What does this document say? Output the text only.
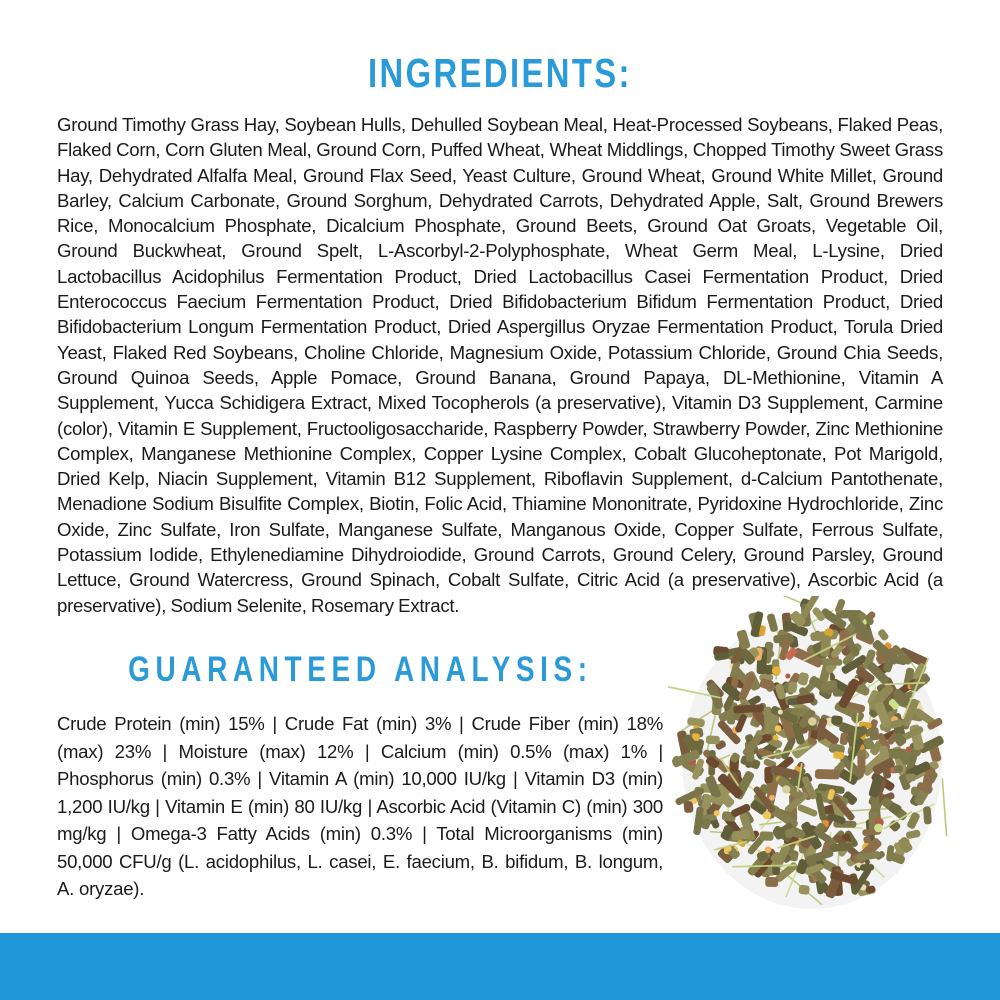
INGREDIENTS:
Ground Timothy Grass Hay, Soybean Hulls, Dehulled Soybean Meal, Heat-Processed Soybeans, Flaked Peas, Flaked Corn, Corn Gluten Meal, Ground Corn, Puffed Wheat, Wheat Middlings, Chopped Timothy Sweet Grass Hay, Dehydrated Alfalfa Meal, Ground Flax Seed, Yeast Culture, Ground Wheat, Ground White Millet, Ground Barley, Calcium Carbonate, Ground Sorghum, Dehydrated Carrots, Dehydrated Apple, Salt, Ground Brewers Rice, Monocalcium Phosphate, Dicalcium Phosphate, Ground Beets, Ground Oat Groats, Vegetable Oil, Ground Buckwheat, Ground Spelt, L-Ascorbyl-2-Polyphosphate, Wheat Germ Meal, L-Lysine, Dried Lactobacillus Acidophilus Fermentation Product, Dried Lactobacillus Casei Fermentation Product, Dried Enterococcus Faecium Fermentation Product, Dried Bifidobacterium Bifidum Fermentation Product, Dried Bifidobacterium Longum Fermentation Product, Dried Aspergillus Oryzae Fermentation Product, Torula Dried Yeast, Flaked Red Soybeans, Choline Chloride, Magnesium Oxide, Potassium Chloride, Ground Chia Seeds, Ground Quinoa Seeds, Apple Pomace, Ground Banana, Ground Papaya, DL-Methionine, Vitamin A Supplement, Yucca Schidigera Extract, Mixed Tocopherols (a preservative), Vitamin D3 Supplement, Carmine (color), Vitamin E Supplement, Fructooligosaccharide, Raspberry Powder, Strawberry Powder, Zinc Methionine Complex, Manganese Methionine Complex, Copper Lysine Complex, Cobalt Glucoheptonate, Pot Marigold, Dried Kelp, Niacin Supplement, Vitamin B12 Supplement, Riboflavin Supplement, d-Calcium Pantothenate, Menadione Sodium Bisulfite Complex, Biotin, Folic Acid, Thiamine Mononitrate, Pyridoxine Hydrochloride, Zinc Oxide, Zinc Sulfate, Iron Sulfate, Manganese Sulfate, Manganous Oxide, Copper Sulfate, Ferrous Sulfate, Potassium Iodide, Ethylenediamine Dihydroiodide, Ground Carrots, Ground Celery, Ground Parsley, Ground Lettuce, Ground Watercress, Ground Spinach, Cobalt Sulfate, Citric Acid (a preservative), Ascorbic Acid (a preservative), Sodium Selenite, Rosemary Extract.
GUARANTEED ANALYSIS:
Crude Protein (min) 15% | Crude Fat (min) 3% | Crude Fiber (min) 18% (max) 23% | Moisture (max) 12% | Calcium (min) 0.5% (max) 1% | Phosphorus (min) 0.3% | Vitamin A (min) 10,000 IU/kg | Vitamin D3 (min) 1,200 IU/kg | Vitamin E (min) 80 IU/kg | Ascorbic Acid (Vitamin C) (min) 300 mg/kg | Omega-3 Fatty Acids (min) 0.3% | Total Microorganisms (min) 50,000 CFU/g (L. acidophilus, L. casei, E. faecium, B. bifidum, B. longum, A. oryzae).
